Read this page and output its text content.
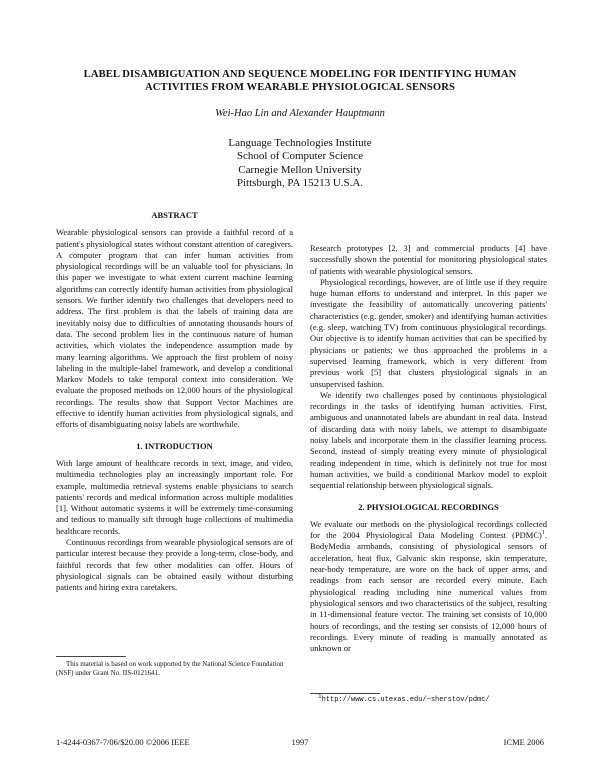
LABEL DISAMBIGUATION AND SEQUENCE MODELING FOR IDENTIFYING HUMAN
ACTIVITIES FROM WEARABLE PHYSIOLOGICAL SENSORS
Wei-Hao Lin and Alexander Hauptmann
Language Technologies Institute
School of Computer Science
Carnegie Mellon University
Pittsburgh, PA 15213 U.S.A.
ABSTRACT

Wearable physiological sensors can provide a faithful record of a patient's physiological states without constant attention of caregivers. A computer program that can infer human activities from physiological recordings will be an valuable tool for physicians. In this paper we investigate to what extent current machine learning algorithms can correctly identify human activities from physiological sensors. We further identify two challenges that developers need to address. The first problem is that the labels of training data are inevitably noisy due to difficulties of annotating thousands hours of data. The second problem lies in the continuous nature of human activities, which violates the independence assumption made by many learning algorithms. We approach the first problem of noisy labeling in the multiple-label framework, and develop a conditional Markov Models to take temporal context into consideration. We evaluate the proposed methods on 12,000 hours of the physiological recordings. The results show that Support Vector Machines are effective to identify human activities from physiological signals, and efforts of disambiguating noisy labels are worthwhile.

1. INTRODUCTION

With large amount of healthcare records in text, image, and video, multimedia technologies play an increasingly important role. For example, multimedia retrieval systems enable physicians to search patients' records and medical information across multiple modalities [1]. Without automatic systems it will be extremely time-consuming and tedious to manually sift through huge collections of multimedia healthcare records.

Continuous recordings from wearable physiological sensors are of particular interest because they provide a long-term, close-body, and faithful records that few other modalities can offer. Hours of physiological signals can be obtained easily without disturbing patients and hiring extra caretakers.

This material is based on work supported by the National Science Foundation (NSF) under Grant No. IIS-0121641.

Research prototypes [2, 3] and commercial products [4] have successfully shown the potential for monitoring physiological states of patients with wearable physiological sensors.

Physiological recordings, however, are of little use if they require huge human efforts to understand and interpret. In this paper we investigate the feasibility of automatically uncovering patients' characteristics (e.g. gender, smoker) and identifying human activities (e.g. sleep, watching TV) from continuous physiological recordings. Our objective is to identify human activities that can be specified by physicians or patients; we thus approached the problems in a supervised learning framework, which is very different from previous work [5] that clusters physiological signals in an unsupervised fashion.

We identify two challenges posed by continuous physiological recordings in the tasks of identifying human activities. First, ambiguous and unannotated labels are abundant in real data. Instead of discarding data with noisy labels, we attempt to disambiguate noisy labels and incorporate them in the classifier learning process. Second, instead of simply treating every minute of physiological reading independent in time, which is definitely not true for most human activities, we build a conditional Markov model to exploit sequential relationship between physiological signals.

2. PHYSIOLOGICAL RECORDINGS

We evaluate our methods on the physiological recordings collected for the 2004 Physiological Data Modeling Contest (PDMC)$^1$. BodyMedia armbands, consisting of physiological sensors of acceleration, heat flux, Galvanic skin response, skin temperature, near-body temperature, are wore on the back of upper arms, and readings from each sensor are recorded every minute. Each physiological reading including nine numerical values from physiological sensors and two characteristics of the subject, resulting in 11-dimensional feature vector. The training set consists of 10,000 hours of recordings, and the testing set consists of 12,000 hours of recordings. Every minute of reading is manually annotated as unknown or

$^1$http://www.cs.utexas.edu/~sherstov/pdmc/
1-4244-0367-7/06/$20.00 ©2006 IEEE	1997	ICME 2006
